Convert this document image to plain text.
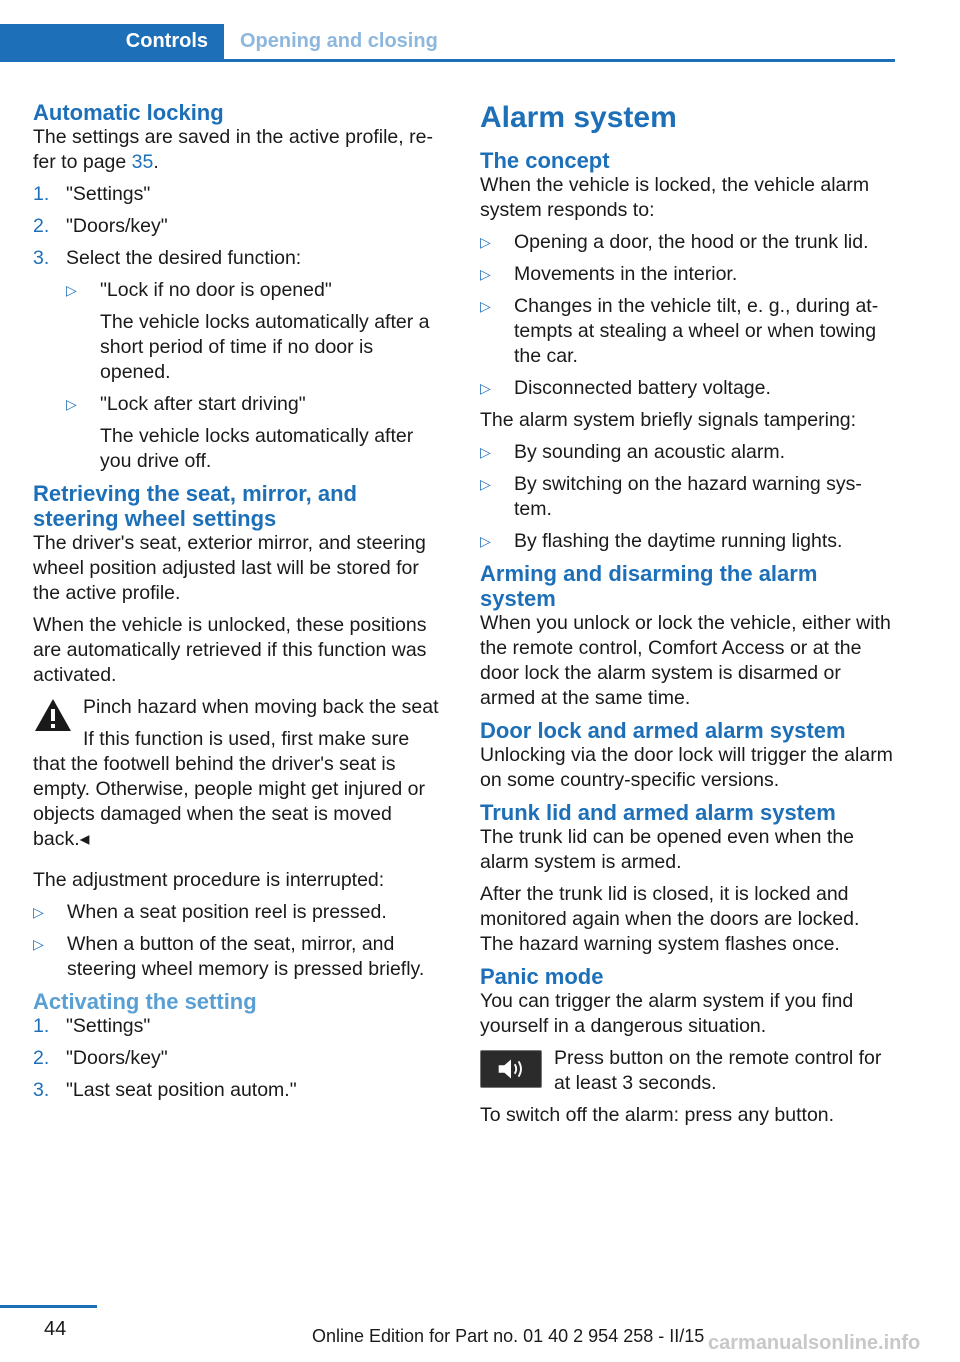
Controls	Opening and closing
Automatic locking

The settings are saved in the active profile, re‐fer to page 35.

1. "Settings"
2. "Doors/key"
3. Select the desired function:
▷ "Lock if no door is opened"

The vehicle locks automatically after a short period of time if no door is opened.

▷ "Lock after start driving"

The vehicle locks automatically after you drive off.

Retrieving the seat, mirror, and steering wheel settings

The driver's seat, exterior mirror, and steering wheel position adjusted last will be stored for the active profile.

When the vehicle is unlocked, these positions are automatically retrieved if this function was activated.

Pinch hazard when moving back the seat

If this function is used, first make sure that the footwell behind the driver's seat is empty. Otherwise, people might get injured or objects damaged when the seat is moved back.◂

The adjustment procedure is interrupted:

▷ When a seat position reel is pressed.
▷ When a button of the seat, mirror, and steering wheel memory is pressed briefly.
Activating the setting
1. "Settings"
2. "Doors/key"
3. "Last seat position autom."
Alarm system
The concept

When the vehicle is locked, the vehicle alarm system responds to:

▷ Opening a door, the hood or the trunk lid.
▷ Movements in the interior.
▷ Changes in the vehicle tilt, e. g., during at‐tempts at stealing a wheel or when towing the car.
▷ Disconnected battery voltage.

The alarm system briefly signals tampering:

▷ By sounding an acoustic alarm.
▷ By switching on the hazard warning sys‐tem.
▷ By flashing the daytime running lights.
Arming and disarming the alarm system

When you unlock or lock the vehicle, either with the remote control, Comfort Access or at the door lock the alarm system is disarmed or armed at the same time.

Door lock and armed alarm system

Unlocking via the door lock will trigger the alarm on some country-specific versions.

Trunk lid and armed alarm system

The trunk lid can be opened even when the alarm system is armed.

After the trunk lid is closed, it is locked and monitored again when the doors are locked. The hazard warning system flashes once.

Panic mode

You can trigger the alarm system if you find yourself in a dangerous situation.

Press button on the remote control for at least 3 seconds.

To switch off the alarm: press any button.

44	Online Edition for Part no. 01 40 2 954 258 - II/15 carmanualsonline.info
